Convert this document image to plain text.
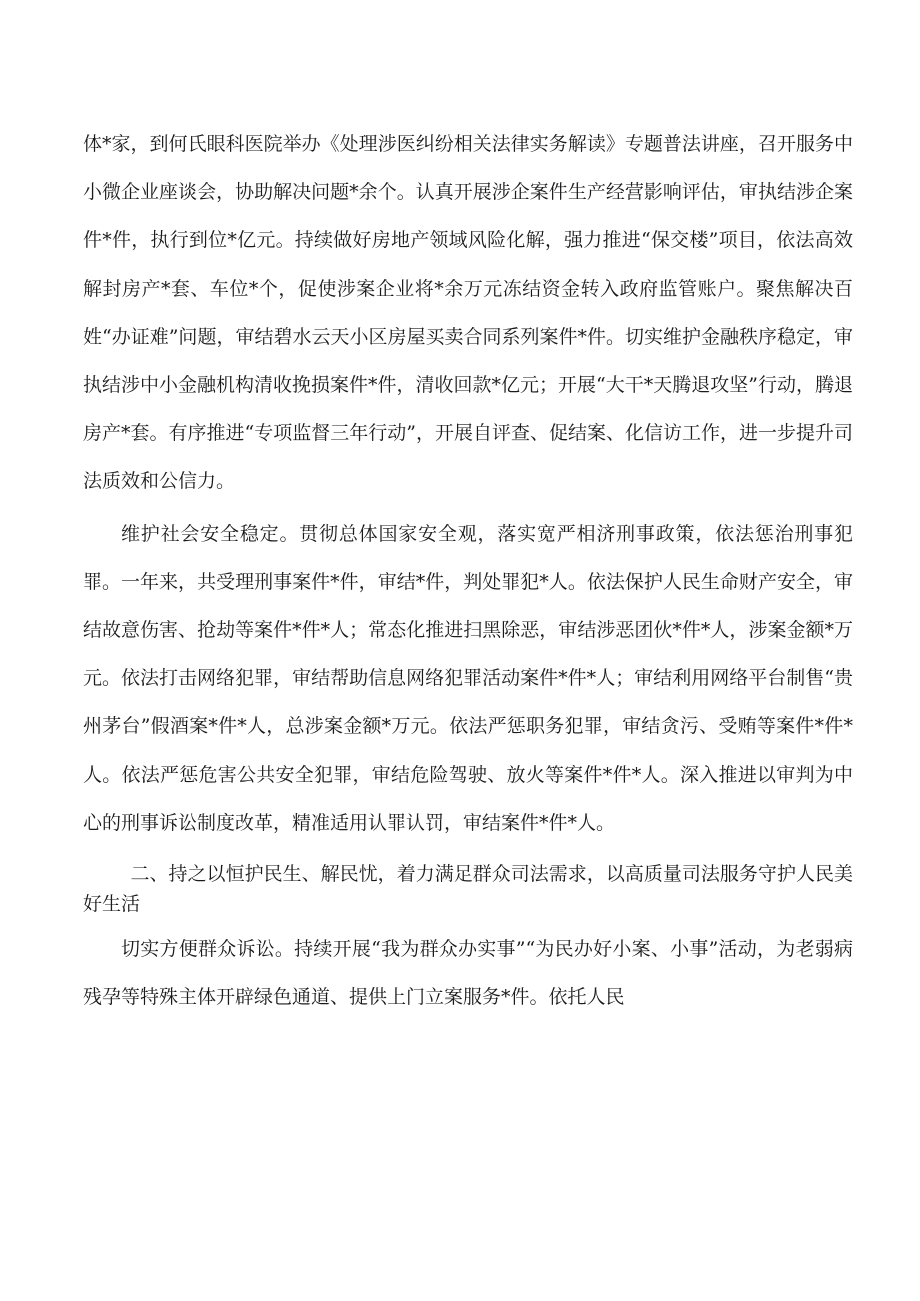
体*家，到何氏眼科医院举办《处理涉医纠纷相关法律实务解读》专题普法讲座，召开服务中小微企业座谈会，协助解决问题*余个。认真开展涉企案件生产经营影响评估，审执结涉企案件*件，执行到位*亿元。持续做好房地产领域风险化解，强力推进“保交楼”项目，依法高效解封房产*套、车位*个，促使涉案企业将*余万元冻结资金转入政府监管账户。聚焦解决百姓“办证难”问题，审结碧水云天小区房屋买卖合同系列案件*件。切实维护金融秩序稳定，审执结涉中小金融机构清收挽损案件*件，清收回款*亿元；开展“大干*天腾退攻坚”行动，腾退房产*套。有序推进“专项监督三年行动”，开展自评查、促结案、化信访工作，进一步提升司法质效和公信力。

维护社会安全稳定。贯彻总体国家安全观，落实宽严相济刑事政策，依法惩治刑事犯罪。一年来，共受理刑事案件*件，审结*件，判处罪犯*人。依法保护人民生命财产安全，审结故意伤害、抢劫等案件*件*人；常态化推进扫黑除恶，审结涉恶团伙*件*人，涉案金额*万元。依法打击网络犯罪，审结帮助信息网络犯罪活动案件*件*人；审结利用网络平台制售“贵州茅台”假酒案*件*人，总涉案金额*万元。依法严惩职务犯罪，审结贪污、受贿等案件*件*人。依法严惩危害公共安全犯罪，审结危险驾驶、放火等案件*件*人。深入推进以审判为中心的刑事诉讼制度改革，精准适用认罪认罚，审结案件*件*人。

二、持之以恒护民生、解民忧，着力满足群众司法需求，以高质量司法服务守护人民美好生活

切实方便群众诉讼。持续开展“我为群众办实事”“为民办好小案、小事”活动，为老弱病残孕等特殊主体开辟绿色通道、提供上门立案服务*件。依托人民
